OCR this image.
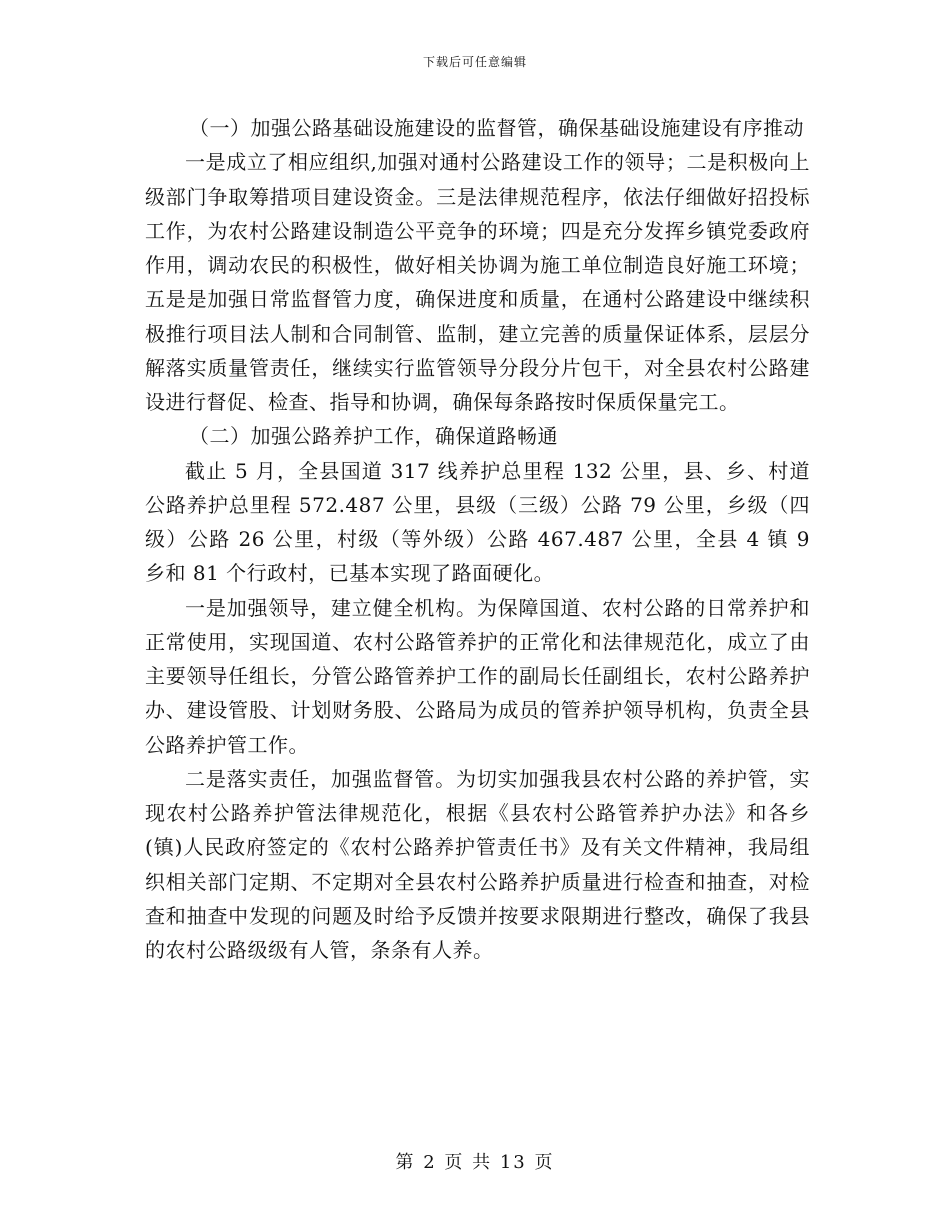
下载后可任意编辑

（一）加强公路基础设施建设的监督管，确保基础设施建设有序推动

一是成立了相应组织,加强对通村公路建设工作的领导；二是积极向上级部门争取筹措项目建设资金。三是法律规范程序，依法仔细做好招投标工作，为农村公路建设制造公平竞争的环境；四是充分发挥乡镇党委政府作用，调动农民的积极性，做好相关协调为施工单位制造良好施工环境；五是是加强日常监督管力度，确保进度和质量，在通村公路建设中继续积极推行项目法人制和合同制管、监制，建立完善的质量保证体系，层层分解落实质量管责任，继续实行监管领导分段分片包干，对全县农村公路建设进行督促、检查、指导和协调，确保每条路按时保质保量完工。

（二）加强公路养护工作，确保道路畅通

截止 5 月，全县国道 317 线养护总里程 132 公里，县、乡、村道公路养护总里程 572.487 公里，县级（三级）公路 79 公里，乡级（四级）公路 26 公里，村级（等外级）公路 467.487 公里，全县 4 镇 9 乡和 81 个行政村，已基本实现了路面硬化。

一是加强领导，建立健全机构。为保障国道、农村公路的日常养护和正常使用，实现国道、农村公路管养护的正常化和法律规范化，成立了由主要领导任组长，分管公路管养护工作的副局长任副组长，农村公路养护办、建设管股、计划财务股、公路局为成员的管养护领导机构，负责全县公路养护管工作。

二是落实责任，加强监督管。为切实加强我县农村公路的养护管，实现农村公路养护管法律规范化，根据《县农村公路管养护办法》和各乡(镇)人民政府签定的《农村公路养护管责任书》及有关文件精神，我局组织相关部门定期、不定期对全县农村公路养护质量进行检查和抽查，对检查和抽查中发现的问题及时给予反馈并按要求限期进行整改，确保了我县的农村公路级级有人管，条条有人养。

第 2 页 共 13 页
